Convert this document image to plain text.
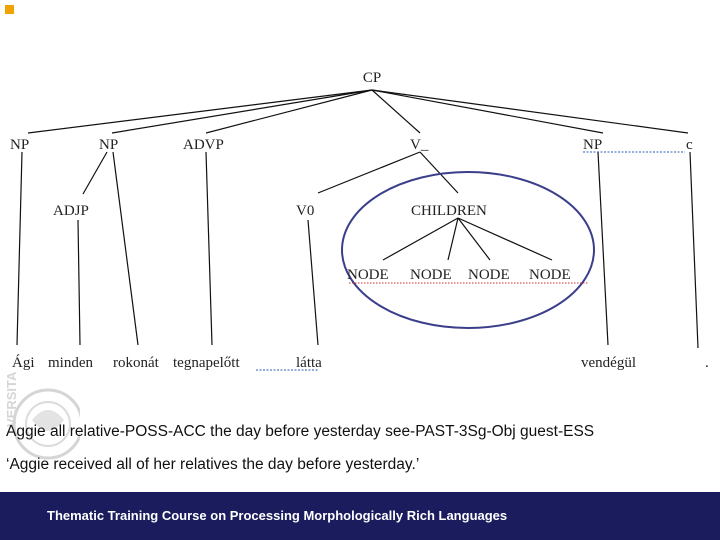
CP
NP	NP	ADVP	V_	NP	c
ADJP	V0	CHILDREN
NODE NODE NODE NODE
Ági minden rokonát tegnapelőtt	látta	vendégül	.
VERSITA
Aggie all relative-POSS-ACC the day before yesterday see-PAST-3Sg-Obj guest-ESS
‘Aggie received all of her relatives the day before yesterday.’
Thematic Training Course on Processing Morphologically Rich Languages
